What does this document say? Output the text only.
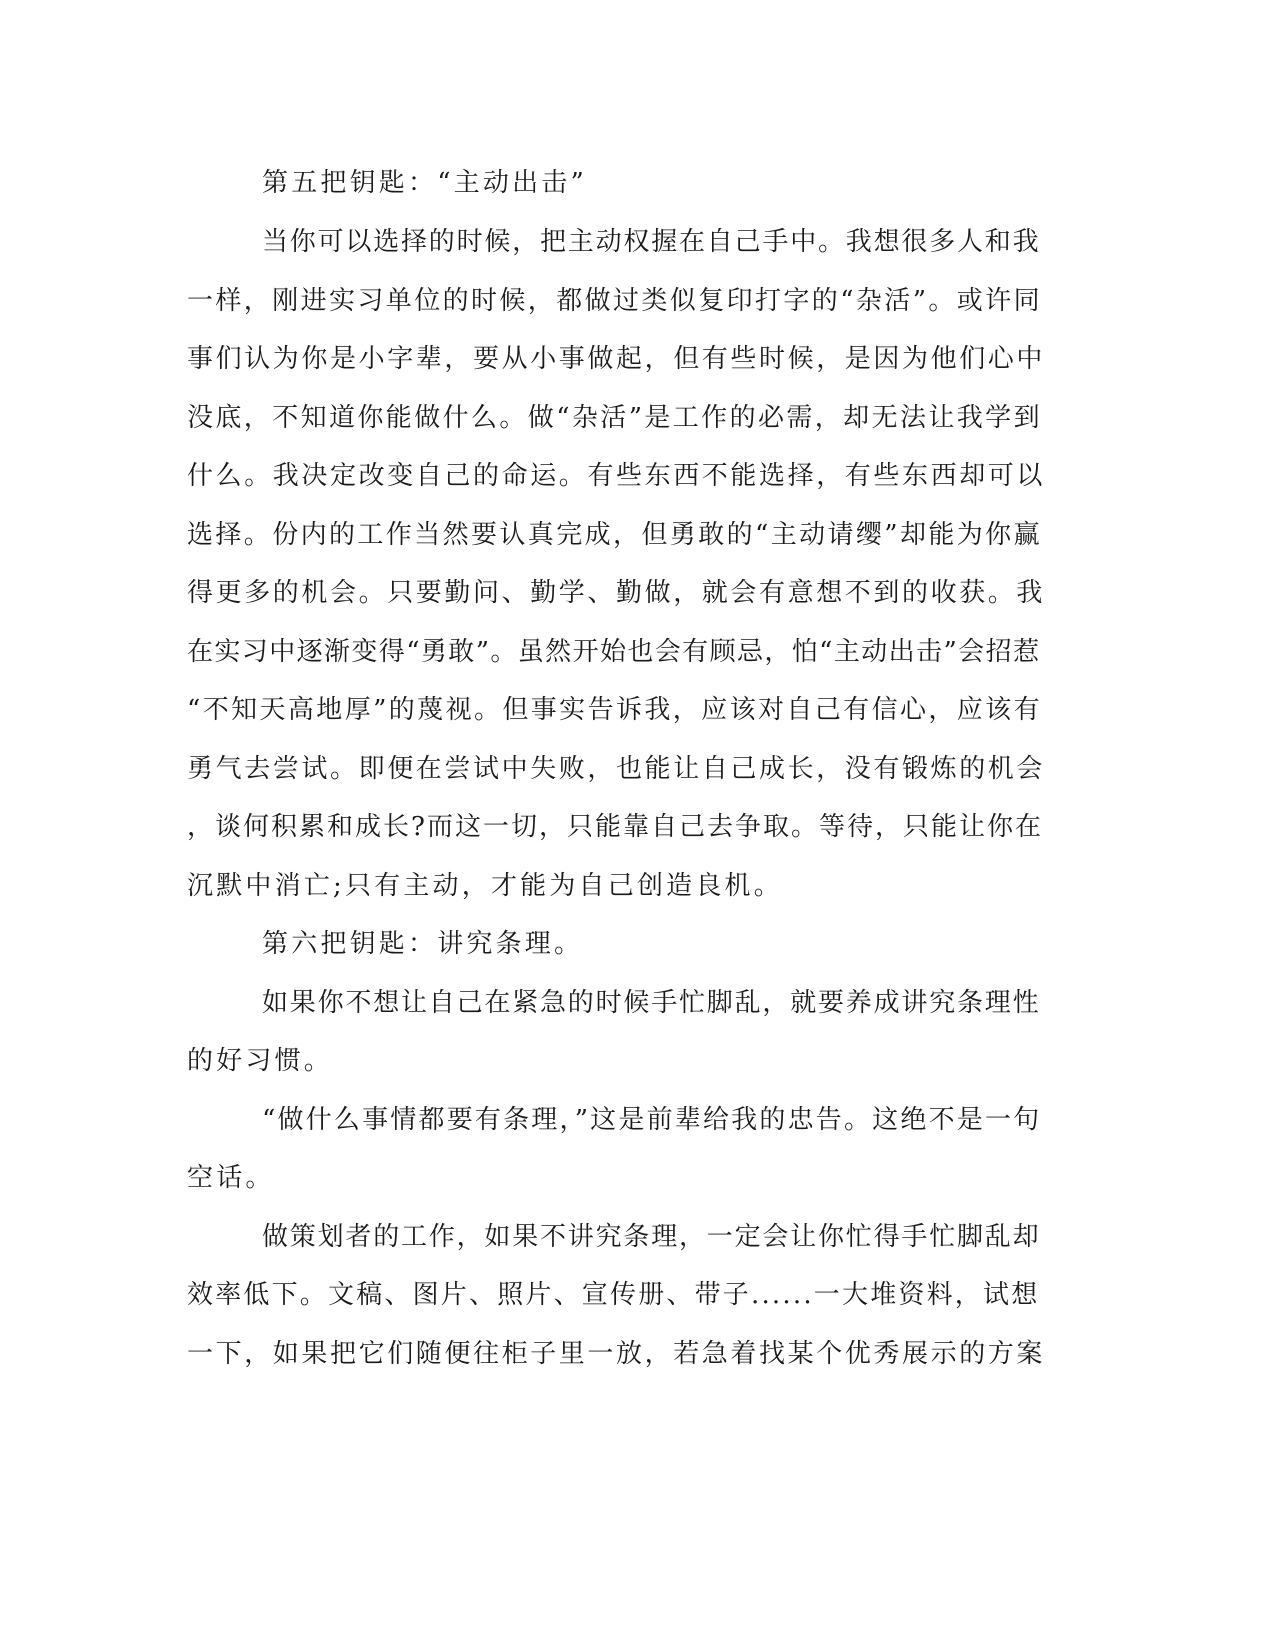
第五把钥匙：“主动出击”
当你可以选择的时候，把主动权握在自己手中。我想很多人和我
一样，刚进实习单位的时候，都做过类似复印打字的“杂活”。或许同
事们认为你是小字辈，要从小事做起，但有些时候，是因为他们心中
没底，不知道你能做什么。做“杂活”是工作的必需，却无法让我学到
什么。我决定改变自己的命运。有些东西不能选择，有些东西却可以
选择。份内的工作当然要认真完成，但勇敢的“主动请缨”却能为你赢
得更多的机会。只要勤问、勤学、勤做，就会有意想不到的收获。我
在实习中逐渐变得“勇敢”。虽然开始也会有顾忌，怕“主动出击”会招惹
“不知天高地厚”的蔑视。但事实告诉我，应该对自己有信心，应该有
勇气去尝试。即便在尝试中失败，也能让自己成长，没有锻炼的机会
，谈何积累和成长?而这一切，只能靠自己去争取。等待，只能让你在
沉默中消亡;只有主动，才能为自己创造良机。
第六把钥匙：讲究条理。
如果你不想让自己在紧急的时候手忙脚乱，就要养成讲究条理性
的好习惯。
“做什么事情都要有条理，”这是前辈给我的忠告。这绝不是一句
空话。
做策划者的工作，如果不讲究条理，一定会让你忙得手忙脚乱却
效率低下。文稿、图片、照片、宣传册、带子......一大堆资料，试想
一下，如果把它们随便往柜子里一放，若急着找某个优秀展示的方案
